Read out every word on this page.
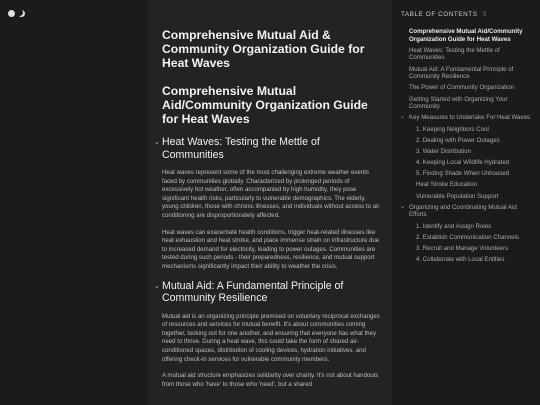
Comprehensive Mutual Aid & Community Organization Guide for Heat Waves
Comprehensive Mutual Aid/Community Organization Guide for Heat Waves
⌄ Heat Waves: Testing the Mettle of Communities

Heat waves represent some of the most challenging extreme weather events faced by communities globally. Characterized by prolonged periods of excessively hot weather, often accompanied by high humidity, they pose significant health risks, particularly to vulnerable demographics. The elderly, young children, those with chronic illnesses, and individuals without access to air conditioning are disproportionately affected.

Heat waves can exacerbate health conditions, trigger heat-related illnesses like heat exhaustion and heat stroke, and place immense strain on infrastructure due to increased demand for electricity, leading to power outages. Communities are tested during such periods - their preparedness, resilience, and mutual support mechanisms significantly impact their ability to weather the crisis.

⌄ Mutual Aid: A Fundamental Principle of Community Resilience

Mutual aid is an organizing principle premised on voluntary reciprocal exchanges of resources and services for mutual benefit. It's about communities coming together, looking out for one another, and ensuring that everyone has what they need to thrive. During a heat wave, this could take the form of shared air-conditioned spaces, distribution of cooling devices, hydration initiatives, and offering check-in services for vulnerable community members.

A mutual aid structure emphasizes solidarity over charity. It's not about handouts from those who 'have' to those who 'need', but a shared

TABLE OF CONTENTS ⇳
Comprehensive Mutual Aid/Community Organization Guide for Heat Waves
Heat Waves: Testing the Mettle of Communities
Mutual Aid: A Fundamental Principle of Community Resilience
The Power of Community Organization
Getting Started with Organizing Your Community
⌄ Key Measures to Undertake For Heat Waves
1. Keeping Neighbors Cool
2. Dealing with Power Outages
3. Water Distribution
4. Keeping Local Wildlife Hydrated
5. Finding Shade When Unhoused
Heat Stroke Education
Vulnerable Population Support
⌄ Organizing and Coordinating Mutual Aid Efforts
1. Identify and Assign Roles
2. Establish Communication Channels
3. Recruit and Manage Volunteers
4. Collaborate with Local Entities
